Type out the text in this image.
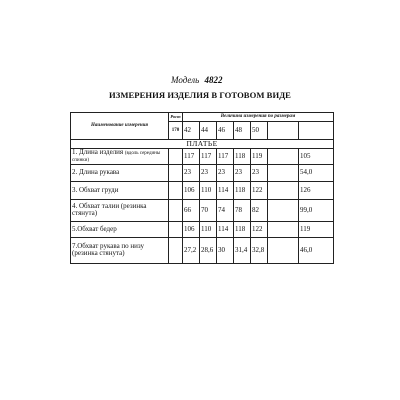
Модель 4822
ИЗМЕРЕНИЯ ИЗДЕЛИЯ В ГОТОВОМ ВИДЕ
Наименование измерения	Рост	Величина измерения по размерам						
	170	42	44	46	48	50		
ПЛАТЬЕ								
1. Длина изделия (вдоль середины спинки)		117	117	117	118	119		105
2. Длина рукава		23	23	23	23	23		54,0
3. Обхват груди		106	110	114	118	122		126
4. Обхват талии (резинка стянута)		66	70	74	78	82		99,0
5.Обхват бедер		106	110	114	118	122		119
7.Обхват рукава по низу (резинка стянута)		27,2	28,6	30	31,4	32,8		46,0
